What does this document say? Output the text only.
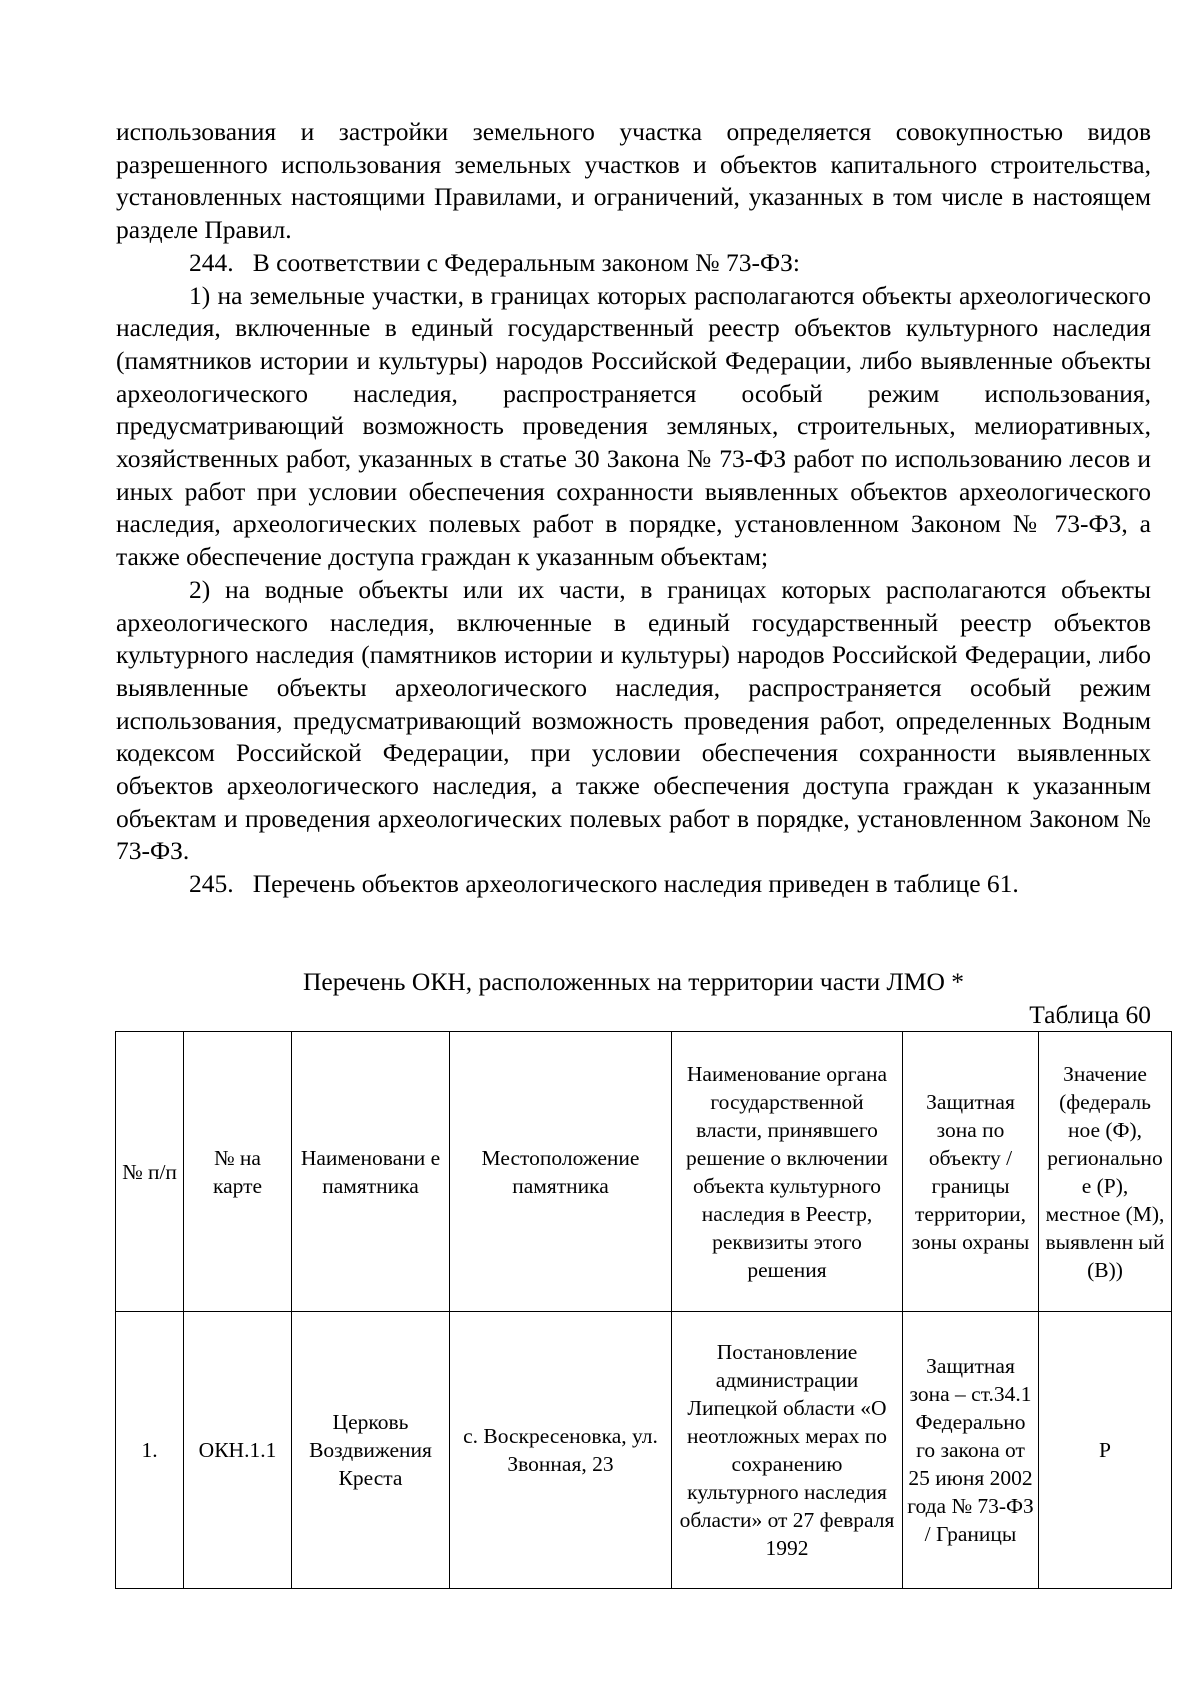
использования и застройки земельного участка определяется совокупностью видов разрешенного использования земельных участков и объектов капитального строительства, установленных настоящими Правилами, и ограничений, указанных в том числе в настоящем разделе Правил.

244.   В соответствии с Федеральным законом № 73-ФЗ:

1) на земельные участки, в границах которых располагаются объекты археологического наследия, включенные в единый государственный реестр объектов культурного наследия (памятников истории и культуры) народов Российской Федерации, либо выявленные объекты археологического наследия, распространяется особый режим использования, предусматривающий возможность проведения земляных, строительных, мелиоративных, хозяйственных работ, указанных в статье 30 Закона № 73-ФЗ работ по использованию лесов и иных работ при условии обеспечения сохранности выявленных объектов археологического наследия, археологических полевых работ в порядке, установленном Законом № 73-ФЗ, а также обеспечение доступа граждан к указанным объектам;

2) на водные объекты или их части, в границах которых располагаются объекты археологического наследия, включенные в единый государственный реестр объектов культурного наследия (памятников истории и культуры) народов Российской Федерации, либо выявленные объекты археологического наследия, распространяется особый режим использования, предусматривающий возможность проведения работ, определенных Водным кодексом Российской Федерации, при условии обеспечения сохранности выявленных объектов археологического наследия, а также обеспечения доступа граждан к указанным объектам и проведения археологических полевых работ в порядке, установленном Законом № 73-ФЗ.

245.   Перечень объектов археологического наследия приведен в таблице 61.

Перечень ОКН, расположенных на территории части ЛМО *

Таблица 60

№ п/п	№ на карте	Наименовани е памятника	Местоположение памятника	Наименование органа государственной власти, принявшего решение о включении объекта культурного наследия в Реестр, реквизиты этого решения	Защитная зона по объекту / границы территории, зоны охраны	Значение (федераль ное (Ф), регионально е (Р), местное (М), выявленн ый (В))
1.	ОКН.1.1	Церковь Воздвижения Креста	с. Воскресеновка, ул. Звонная, 23	Постановление администрации Липецкой области «О неотложных мерах по сохранению культурного наследия области» от 27 февраля 1992	Защитная зона – ст.34.1 Федерально го закона от 25 июня 2002 года № 73-ФЗ / Границы	Р
